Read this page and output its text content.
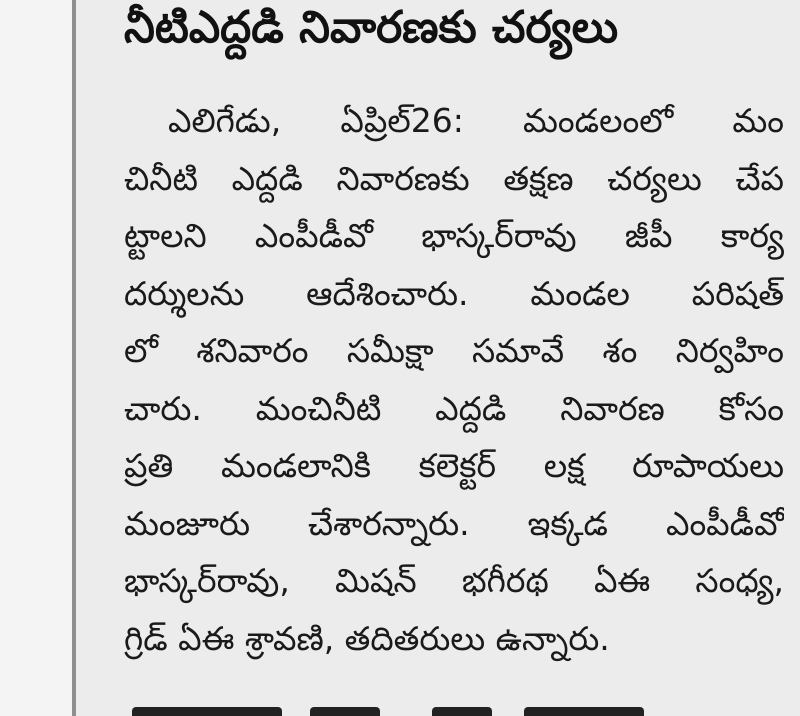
నీటిఎద్దడి నివారణకు చర్యలు
ఎలిగేడు, ఏప్రిల్26: మండలంలో మం
చినీటి ఎద్దడి నివారణకు తక్షణ చర్యలు చేప
ట్టాలని ఎంపీడీవో భాస్కర్‌రావు జీపీ కార్య
దర్శులను ఆదేశించారు. మండల పరిషత్
లో శనివారం సమీక్షా సమావే శం నిర్వహిం
చారు. మంచినీటి ఎద్దడి నివారణ కోసం
ప్రతి మండలానికి కలెక్టర్ లక్ష రూపాయలు
మంజూరు చేశారన్నారు. ఇక్కడ ఎంపీడీవో
భాస్కర్‌రావు, మిషన్ భగీరథ ఏఈ సంధ్య,
గ్రిడ్ ఏఈ శ్రావణి, తదితరులు ఉన్నారు.
